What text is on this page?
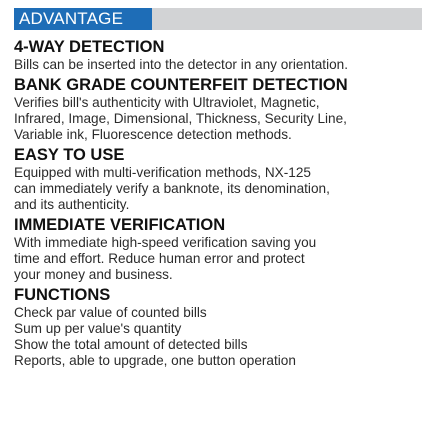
ADVANTAGE
4-WAY DETECTION
Bills can be inserted into the detector in any orientation.
BANK GRADE COUNTERFEIT DETECTION
Verifies bill's authenticity with Ultraviolet, Magnetic,
Infrared, Image, Dimensional, Thickness, Security Line,
Variable ink, Fluorescence detection methods.
EASY TO USE
Equipped with multi-verification methods, NX-125
can immediately verify a banknote, its denomination,
and its authenticity.
IMMEDIATE VERIFICATION
With immediate high-speed verification saving you
time and effort. Reduce human error and protect
your money and business.
FUNCTIONS
Check par value of counted bills
Sum up per value's quantity
Show the total amount of detected bills
Reports, able to upgrade, one button operation
